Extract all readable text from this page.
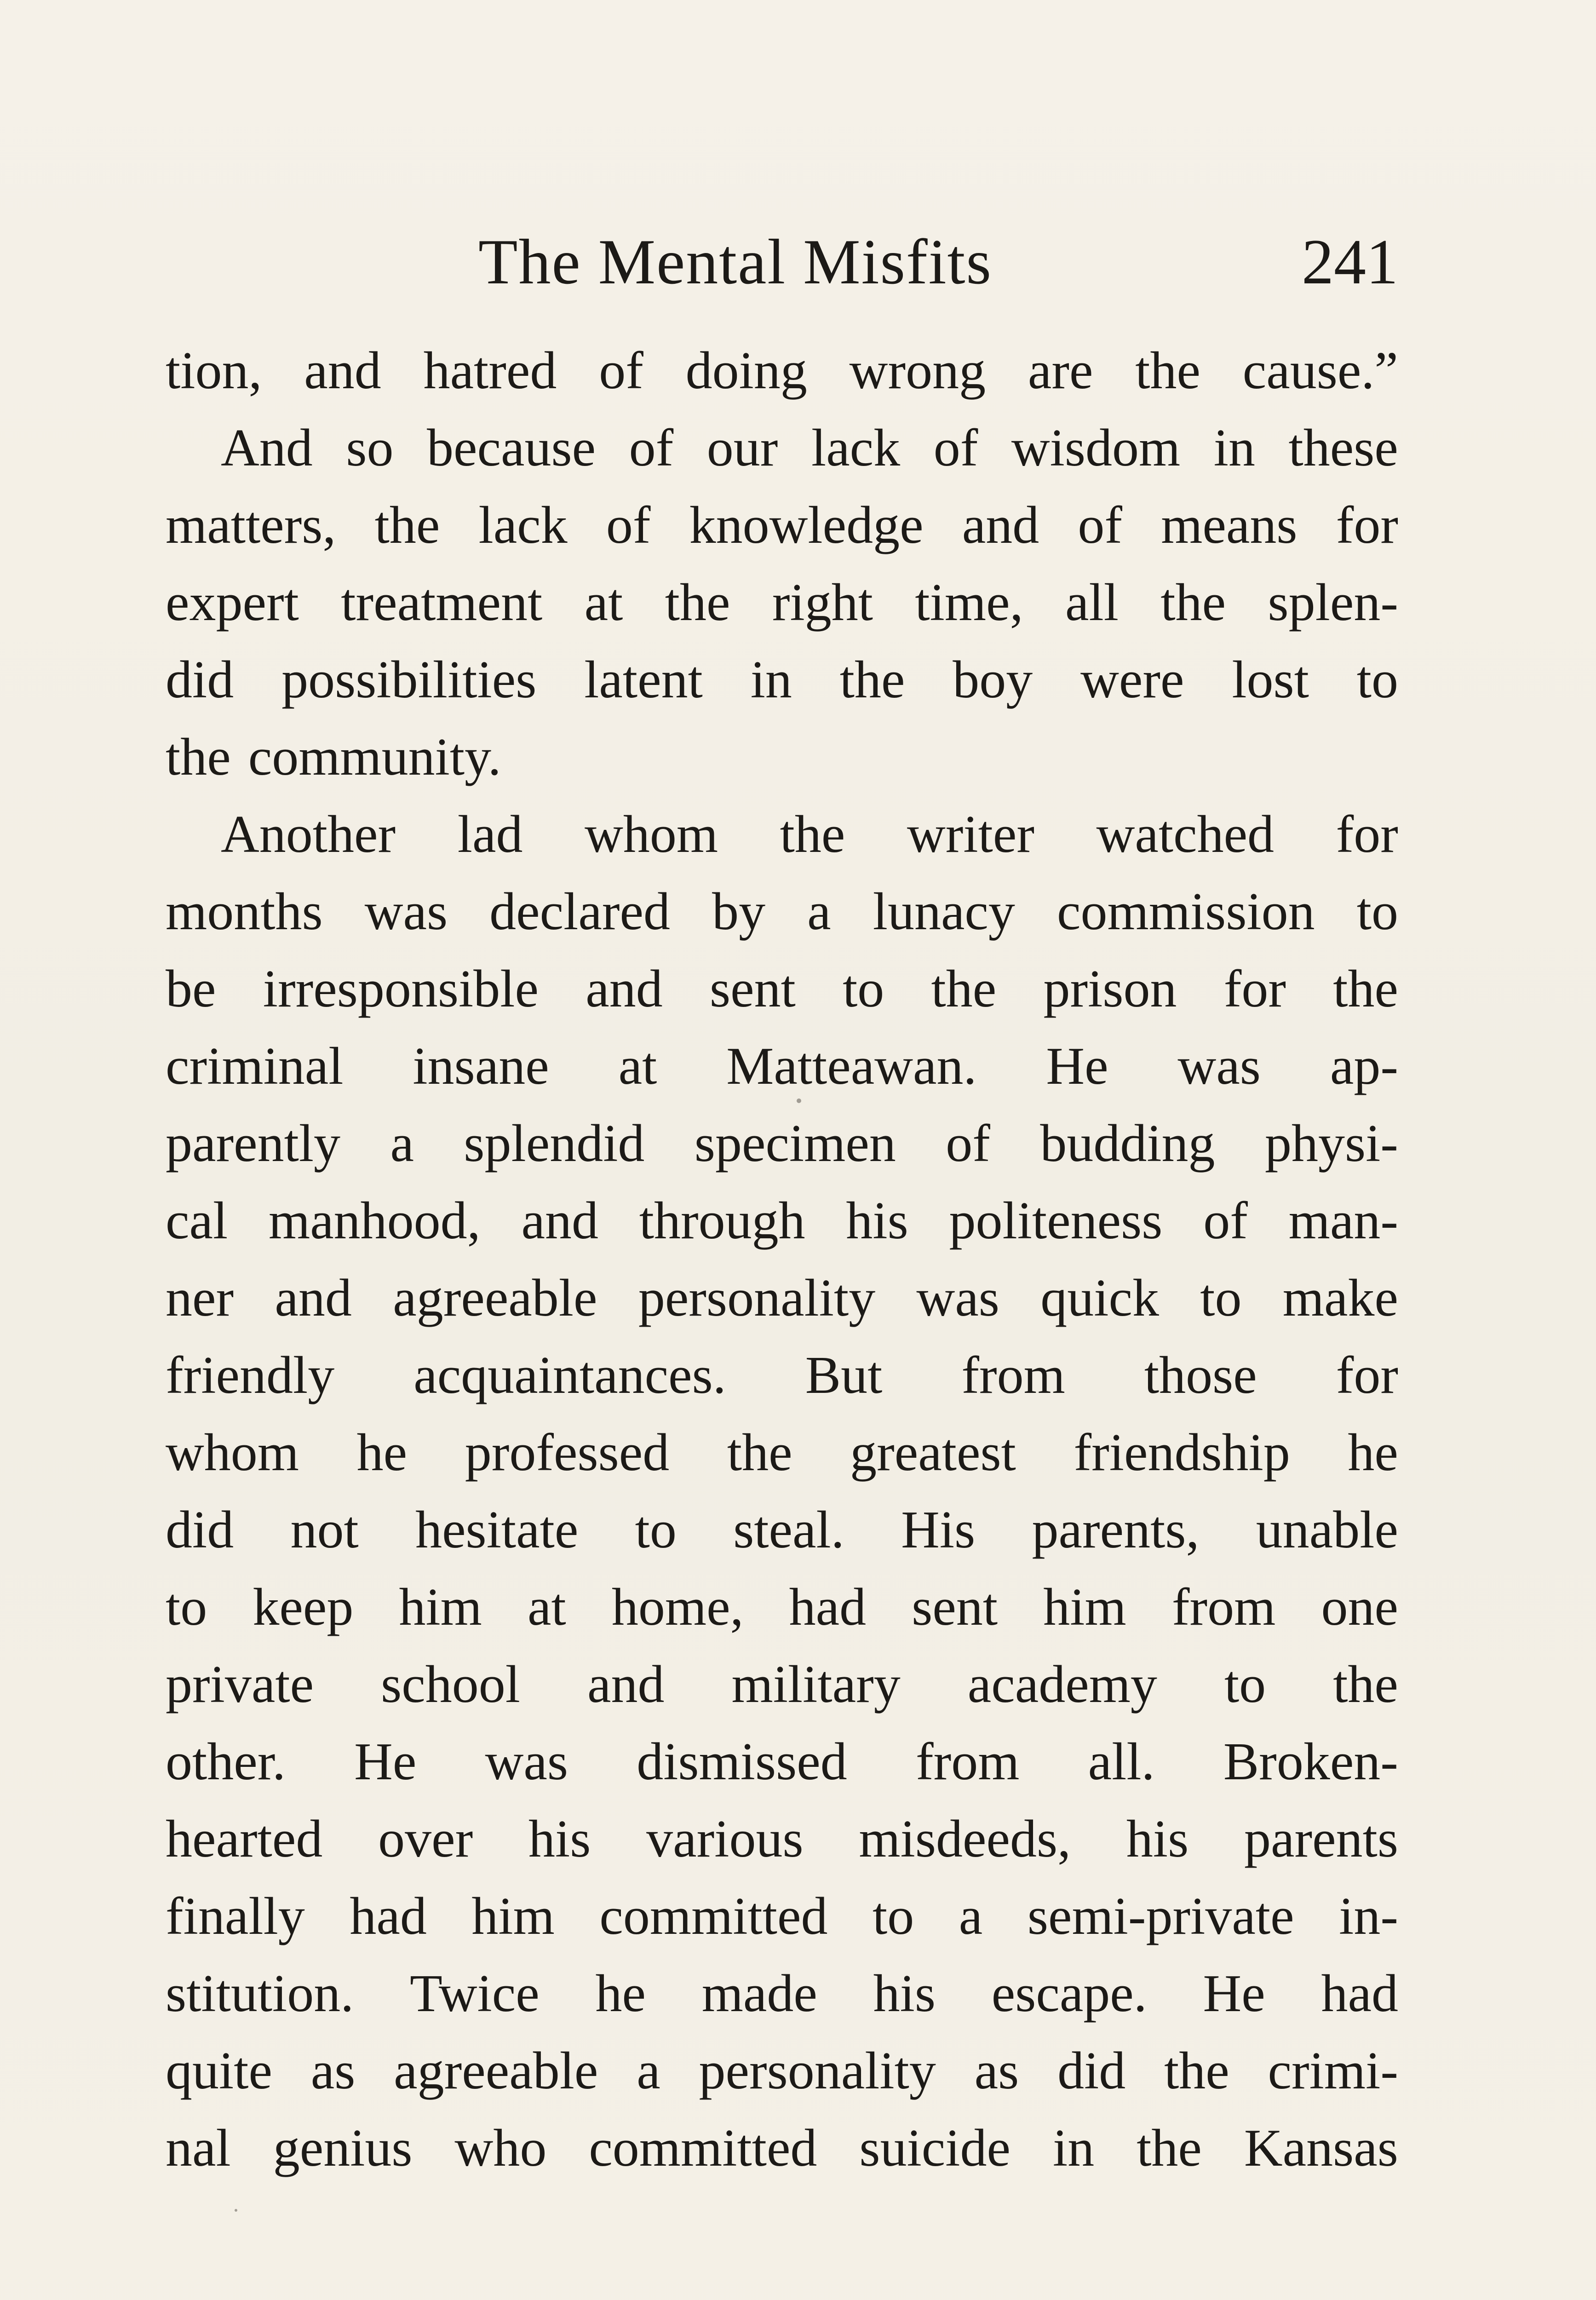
The Mental Misfits	241
tion, and hatred of doing wrong are the cause.”
And so because of our lack of wisdom in these
matters, the lack of knowledge and of means for
expert treatment at the right time, all the splen-
did possibilities latent in the boy were lost to
the community.
Another lad whom the writer watched for
months was declared by a lunacy commission to
be irresponsible and sent to the prison for the
criminal insane at Matteawan. He was ap-
parently a splendid specimen of budding physi-
cal manhood, and through his politeness of man-
ner and agreeable personality was quick to make
friendly acquaintances. But from those for
whom he professed the greatest friendship he
did not hesitate to steal. His parents, unable
to keep him at home, had sent him from one
private school and military academy to the
other. He was dismissed from all. Broken-
hearted over his various misdeeds, his parents
finally had him committed to a semi-private in-
stitution. Twice he made his escape. He had
quite as agreeable a personality as did the crimi-
nal genius who committed suicide in the Kansas
